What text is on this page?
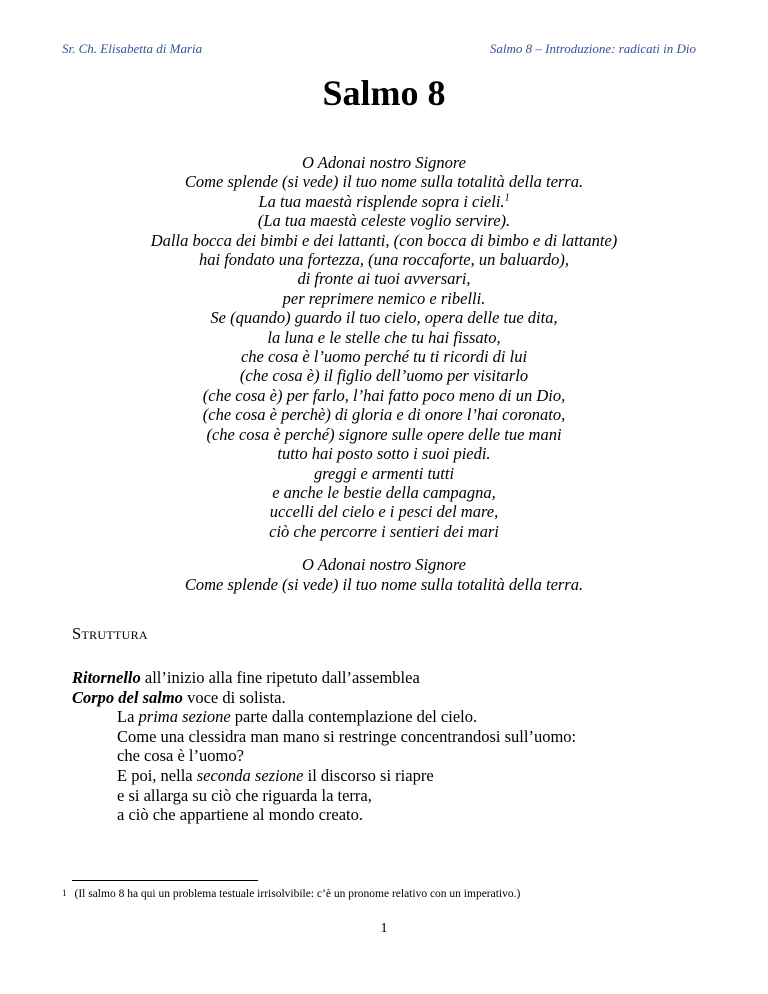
Sr. Ch. Elisabetta di Maria	Salmo 8 – Introduzione: radicati in Dio
Salmo 8
O Adonai nostro Signore
Come splende (si vede) il tuo nome sulla totalità della terra.
La tua maestà risplende sopra i cieli.$^1$
(La tua maestà celeste voglio servire).
Dalla bocca dei bimbi e dei lattanti, (con bocca di bimbo e di lattante)
hai fondato una fortezza, (una roccaforte, un baluardo),
di fronte ai tuoi avversari,
per reprimere nemico e ribelli.
Se (quando) guardo il tuo cielo, opera delle tue dita,
la luna e le stelle che tu hai fissato,
che cosa è l’uomo perché tu ti ricordi di lui
(che cosa è) il figlio dell’uomo per visitarlo
(che cosa è) per farlo, l’hai fatto poco meno di un Dio,
(che cosa è perchè) di gloria e di onore l’hai coronato,
(che cosa è perché) signore sulle opere delle tue mani
tutto hai posto sotto i suoi piedi.
greggi e armenti tutti
e anche le bestie della campagna,
uccelli del cielo e i pesci del mare,
ciò che percorre i sentieri dei mari
O Adonai nostro Signore
Come splende (si vede) il tuo nome sulla totalità della terra.
Struttura
Ritornello all’inizio alla fine ripetuto dall’assemblea
Corpo del salmo voce di solista.
La prima sezione parte dalla contemplazione del cielo.
Come una clessidra man mano si restringe concentrandosi sull’uomo:
che cosa è l’uomo?
E poi, nella seconda sezione il discorso si riapre
e si allarga su ciò che riguarda la terra,
a ciò che appartiene al mondo creato.
$^1$ (Il salmo 8 ha qui un problema testuale irrisolvibile: c’è un pronome relativo con un imperativo.)
1
